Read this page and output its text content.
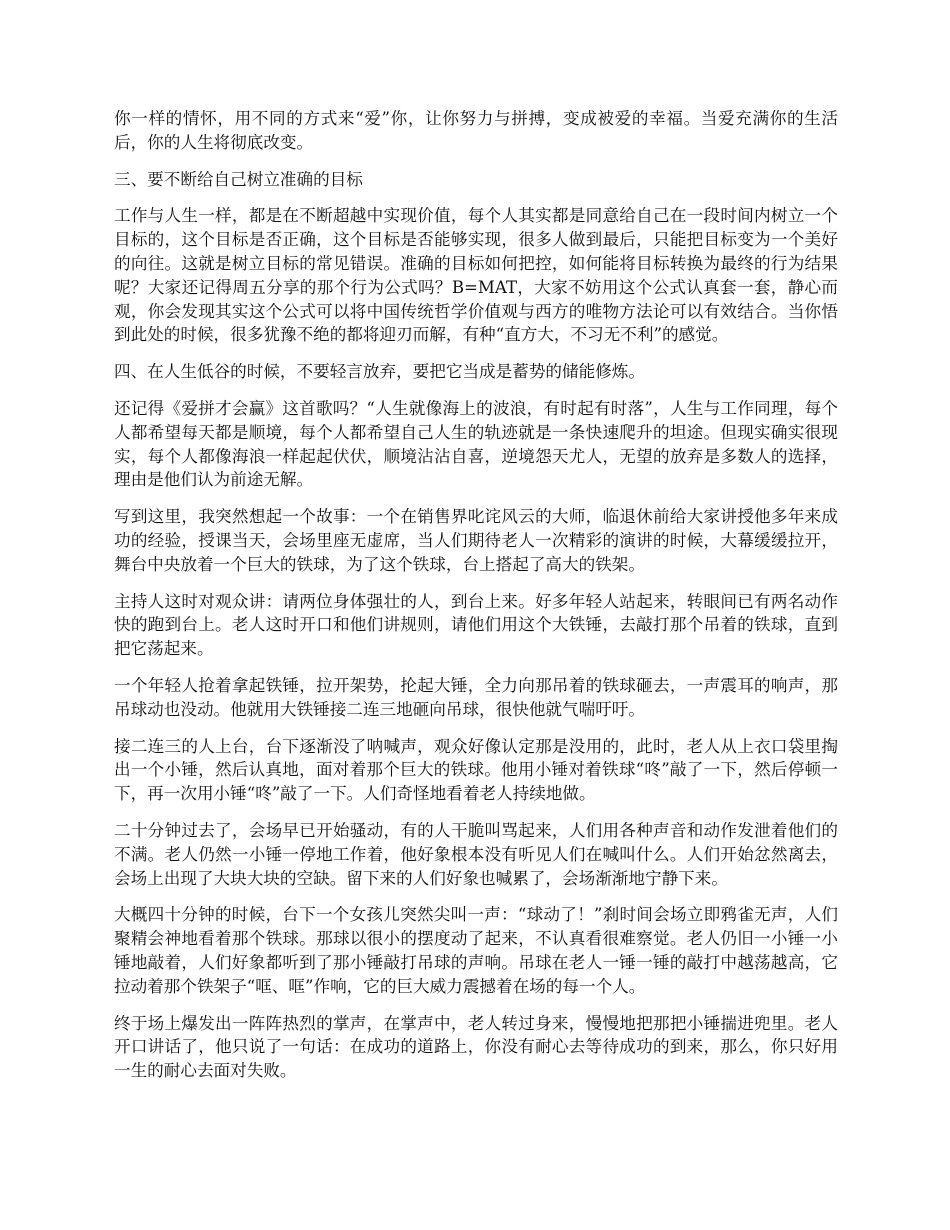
你一样的情怀，用不同的方式来“爱”你，让你努力与拼搏，变成被爱的幸福。当爱充满你的生活后，你的人生将彻底改变。

三、要不断给自己树立准确的目标

工作与人生一样，都是在不断超越中实现价值，每个人其实都是同意给自己在一段时间内树立一个目标的，这个目标是否正确，这个目标是否能够实现，很多人做到最后，只能把目标变为一个美好的向往。这就是树立目标的常见错误。准确的目标如何把控，如何能将目标转换为最终的行为结果呢？大家还记得周五分享的那个行为公式吗？B=MAT，大家不妨用这个公式认真套一套，静心而观，你会发现其实这个公式可以将中国传统哲学价值观与西方的唯物方法论可以有效结合。当你悟到此处的时候，很多犹豫不绝的都将迎刃而解，有种“直方大，不习无不利”的感觉。

四、在人生低谷的时候，不要轻言放弃，要把它当成是蓄势的储能修炼。

还记得《爱拼才会赢》这首歌吗？“人生就像海上的波浪，有时起有时落”，人生与工作同理，每个人都希望每天都是顺境，每个人都希望自己人生的轨迹就是一条快速爬升的坦途。但现实确实很现实，每个人都像海浪一样起起伏伏，顺境沾沾自喜，逆境怨天尤人，无望的放弃是多数人的选择，理由是他们认为前途无解。

写到这里，我突然想起一个故事：一个在销售界叱诧风云的大师，临退休前给大家讲授他多年来成功的经验，授课当天，会场里座无虚席，当人们期待老人一次精彩的演讲的时候，大幕缓缓拉开，舞台中央放着一个巨大的铁球，为了这个铁球，台上搭起了高大的铁架。

主持人这时对观众讲：请两位身体强壮的人，到台上来。好多年轻人站起来，转眼间已有两名动作快的跑到台上。老人这时开口和他们讲规则，请他们用这个大铁锤，去敲打那个吊着的铁球，直到把它荡起来。

一个年轻人抢着拿起铁锤，拉开架势，抡起大锤，全力向那吊着的铁球砸去，一声震耳的响声，那吊球动也没动。他就用大铁锤接二连三地砸向吊球，很快他就气喘吁吁。

接二连三的人上台，台下逐渐没了呐喊声，观众好像认定那是没用的，此时，老人从上衣口袋里掏出一个小锤，然后认真地，面对着那个巨大的铁球。他用小锤对着铁球“咚”敲了一下，然后停顿一下，再一次用小锤“咚”敲了一下。人们奇怪地看着老人持续地做。

二十分钟过去了，会场早已开始骚动，有的人干脆叫骂起来，人们用各种声音和动作发泄着他们的不满。老人仍然一小锤一停地工作着，他好象根本没有听见人们在喊叫什么。人们开始忿然离去，会场上出现了大块大块的空缺。留下来的人们好象也喊累了，会场渐渐地宁静下来。

大概四十分钟的时候，台下一个女孩儿突然尖叫一声：“球动了！”刹时间会场立即鸦雀无声，人们聚精会神地看着那个铁球。那球以很小的摆度动了起来，不认真看很难察觉。老人仍旧一小锤一小锤地敲着，人们好象都听到了那小锤敲打吊球的声响。吊球在老人一锤一锤的敲打中越荡越高，它拉动着那个铁架子“哐、哐”作响，它的巨大威力震撼着在场的每一个人。

终于场上爆发出一阵阵热烈的掌声，在掌声中，老人转过身来，慢慢地把那把小锤揣进兜里。老人开口讲话了，他只说了一句话：在成功的道路上，你没有耐心去等待成功的到来，那么，你只好用一生的耐心去面对失败。
